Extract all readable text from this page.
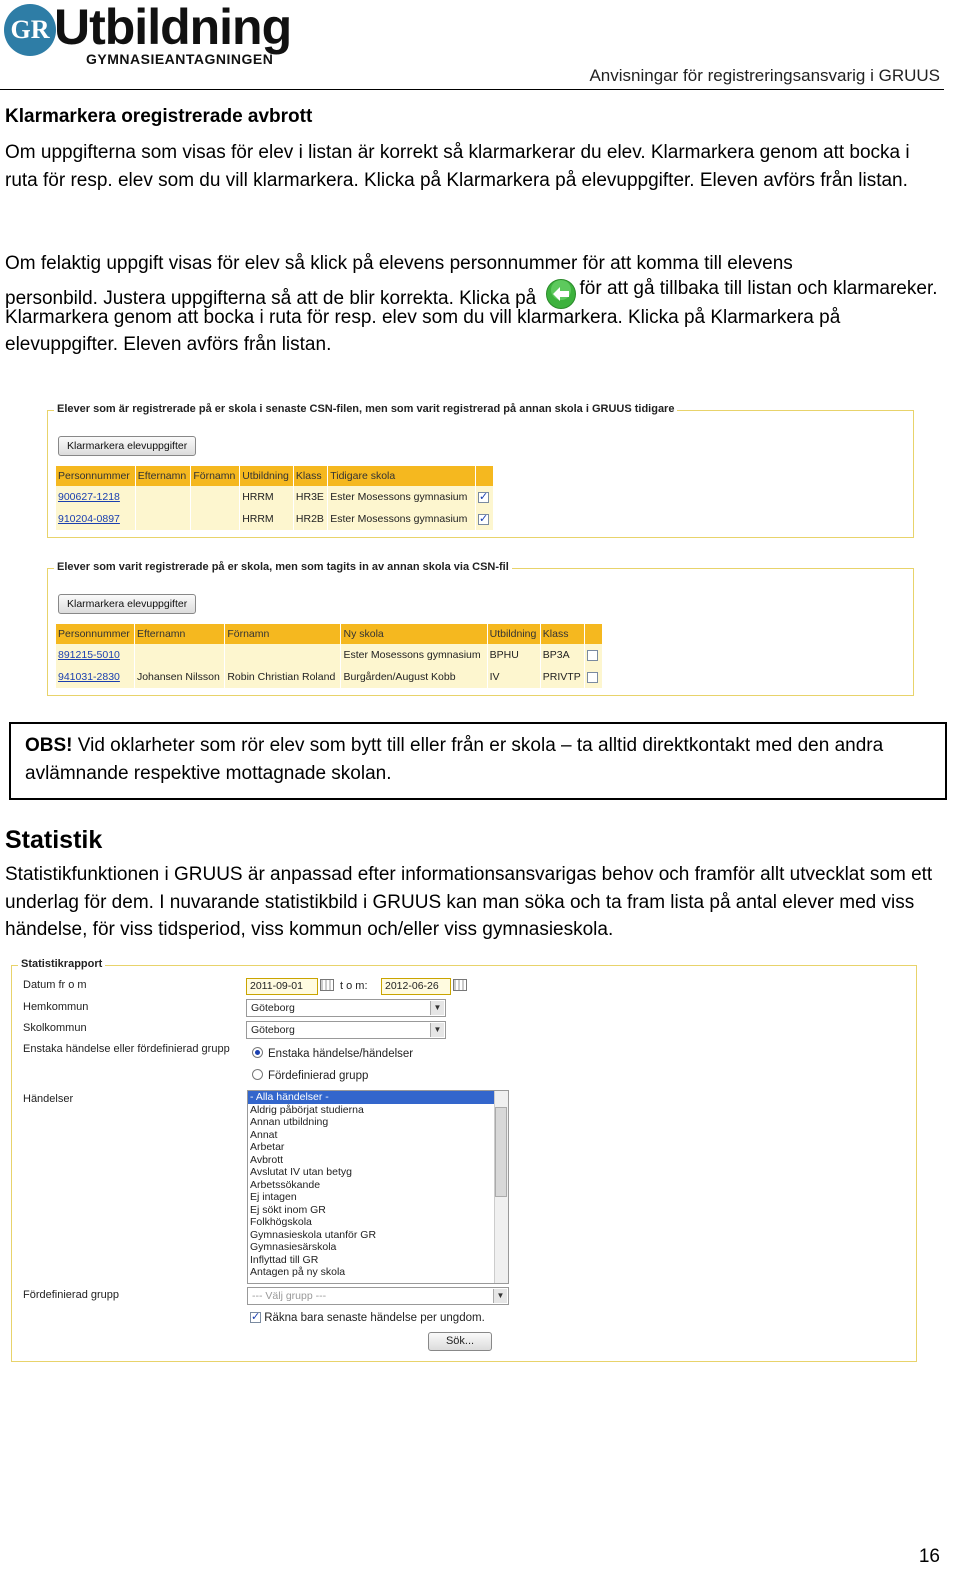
GR Utbildning
GYMNASIEANTAGNINGEN
Anvisningar för registreringsansvarig i GRUUS
Klarmarkera oregistrerade avbrott
Om uppgifterna som visas för elev i listan är korrekt så klarmarkerar du elev. Klarmarkera genom att bocka i ruta för resp. elev som du vill klarmarkera. Klicka på Klarmarkera på elevuppgifter. Eleven avförs från listan.
Om felaktig uppgift visas för elev så klick på elevens personnummer för att komma till elevens
personbild. Justera uppgifterna så att de blir korrekta. Klicka på för att gå tillbaka till listan och klarmareker. Klarmarkera genom att bocka i ruta för resp. elev som du vill klarmarkera. Klicka på Klarmarkera på elevuppgifter. Eleven avförs från listan.
Elever som är registrerade på er skola i senaste CSN-filen, men som varit registrerad på annan skola i GRUUS tidigare
Klarmarkera elevuppgifter
Personnummer	Efternamn	Förnamn	Utbildning	Klass	Tidigare skola	
900627-1218			HRRM	HR3E	Ester Mosessons gymnasium	✓
910204-0897			HRRM	HR2B	Ester Mosessons gymnasium	✓
Elever som varit registrerade på er skola, men som tagits in av annan skola via CSN-fil
Klarmarkera elevuppgifter
Personnummer	Efternamn	Förnamn	Ny skola	Utbildning	Klass	
891215-5010			Ester Mosessons gymnasium	BPHU	BP3A	
941031-2830	Johansen Nilsson	Robin Christian Roland	Burgården/August Kobb	IV	PRIVTP	
OBS! Vid oklarheter som rör elev som bytt till eller från er skola – ta alltid direktkontakt med den andra avlämnande respektive mottagnade skolan.
Statistik
Statistikfunktionen i GRUUS är anpassad efter informationsansvarigas behov och framför allt utvecklat som ett underlag för dem. I nuvarande statistikbild i GRUUS kan man söka och ta fram lista på antal elever med viss händelse, för viss tidsperiod, viss kommun och/eller viss gymnasieskola.
Statistikrapport
Datum fr o m	2011-09-01	t o m:	2012-06-26
Hemkommun	Göteborg	▼
Skolkommun	Göteborg	▼
Enstaka händelse eller fördefinierad grupp	Enstaka händelse/händelser
Fördefinierad grupp
Händelser	- Alla händelser -
Aldrig påbörjat studierna
Annan utbildning
Annat
Arbetar
Avbrott
Avslutat IV utan betyg
Arbetssökande
Ej intagen
Ej sökt inom GR
Folkhögskola
Gymnasieskola utanför GR
Gymnasiesärskola
Inflyttad till GR
Antagen på ny skola
Fördefinierad grupp	--- Välj grupp ---	▼
✓ Räkna bara senaste händelse per ungdom.
Sök...
16
